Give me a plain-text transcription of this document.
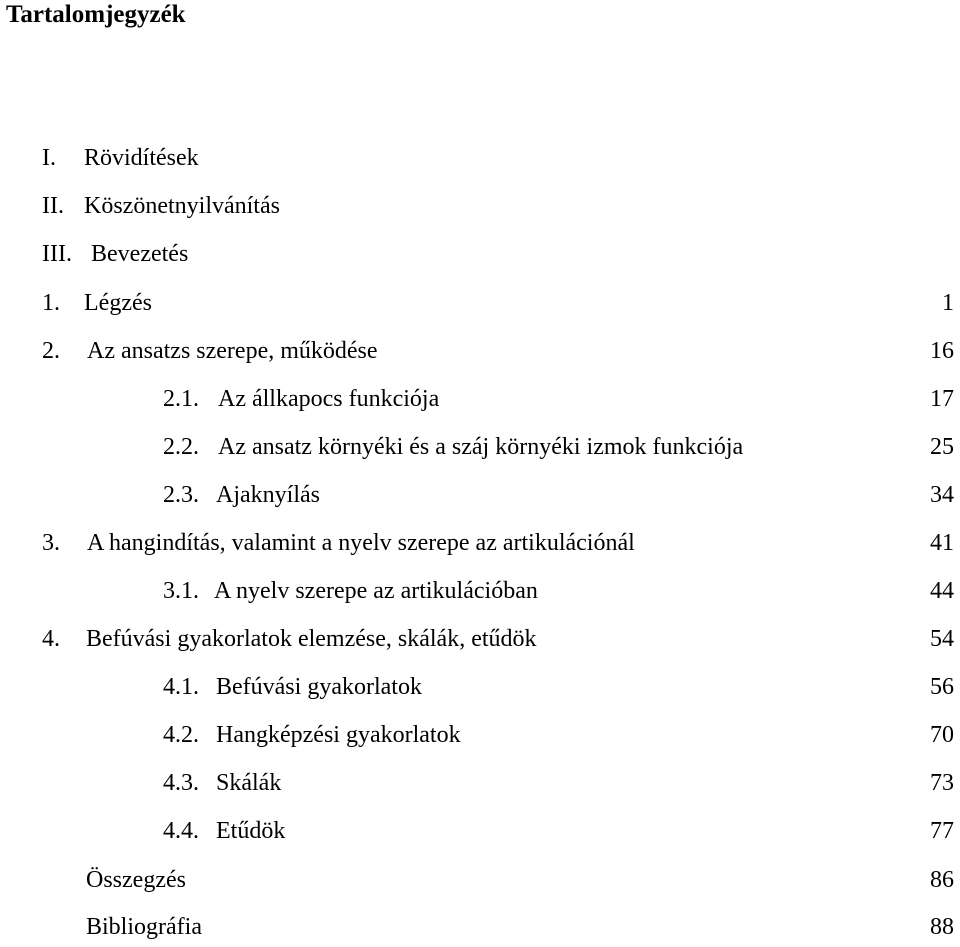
Tartalomjegyzék
I. Rövidítések
II. Köszönetnyilvánítás
III. Bevezetés
1. Légzés	1
2. Az ansatzs szerepe, működése	16
2.1. Az állkapocs funkciója	17
2.2. Az ansatz környéki és a száj környéki izmok funkciója	25
2.3. Ajaknyílás	34
3. A hangindítás, valamint a nyelv szerepe az artikulációnál	41
3.1. A nyelv szerepe az artikulációban	44
4. Befúvási gyakorlatok elemzése, skálák, etűdök	54
4.1. Befúvási gyakorlatok	56
4.2. Hangképzési gyakorlatok	70
4.3. Skálák	73
4.4. Etűdök	77
Összegzés	86
Bibliográfia	88
